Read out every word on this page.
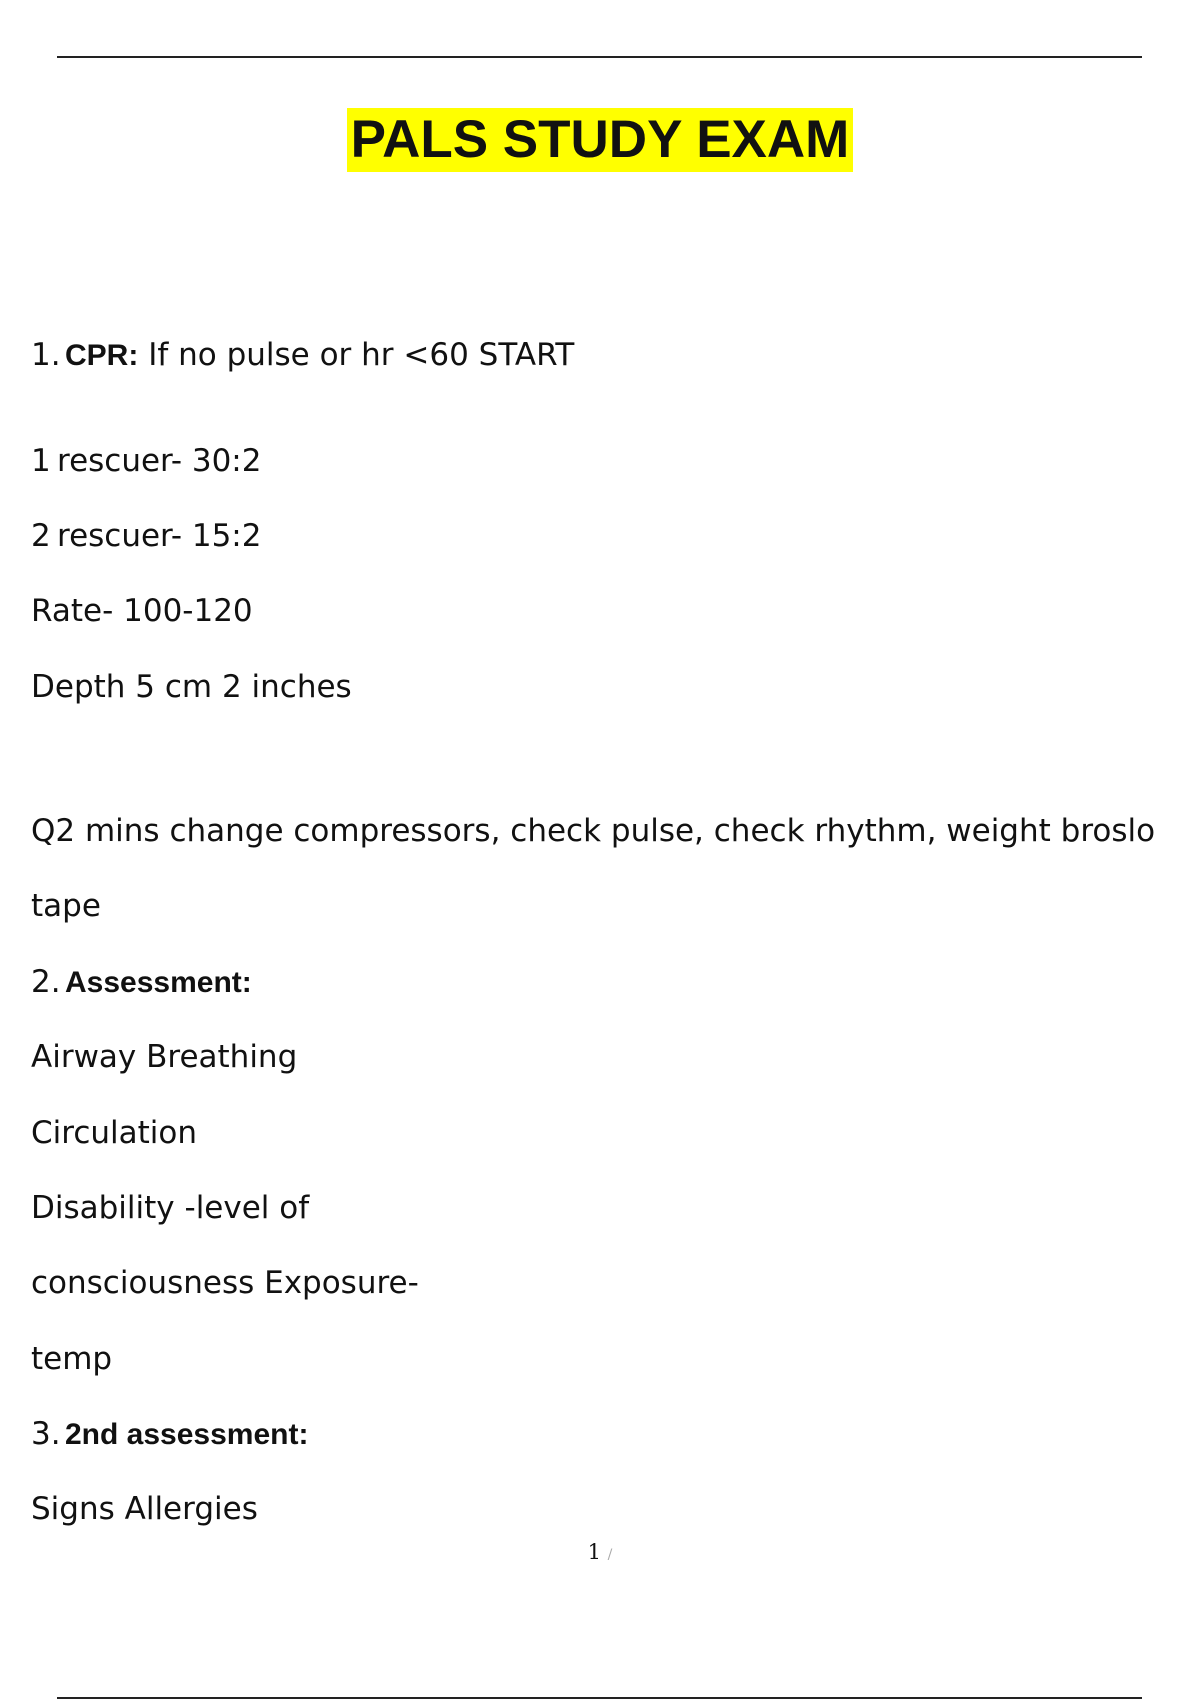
PALS STUDY EXAM
1. CPR: If no pulse or hr <60 START
1 rescuer- 30:2
2 rescuer- 15:2
Rate- 100-120
Depth 5 cm 2 inches
Q2 mins change compressors, check pulse, check rhythm, weight broslo
tape
2. Assessment:
Airway Breathing
Circulation
Disability -level of
consciousness Exposure-
temp
3. 2nd assessment:
Signs Allergies
1 /
